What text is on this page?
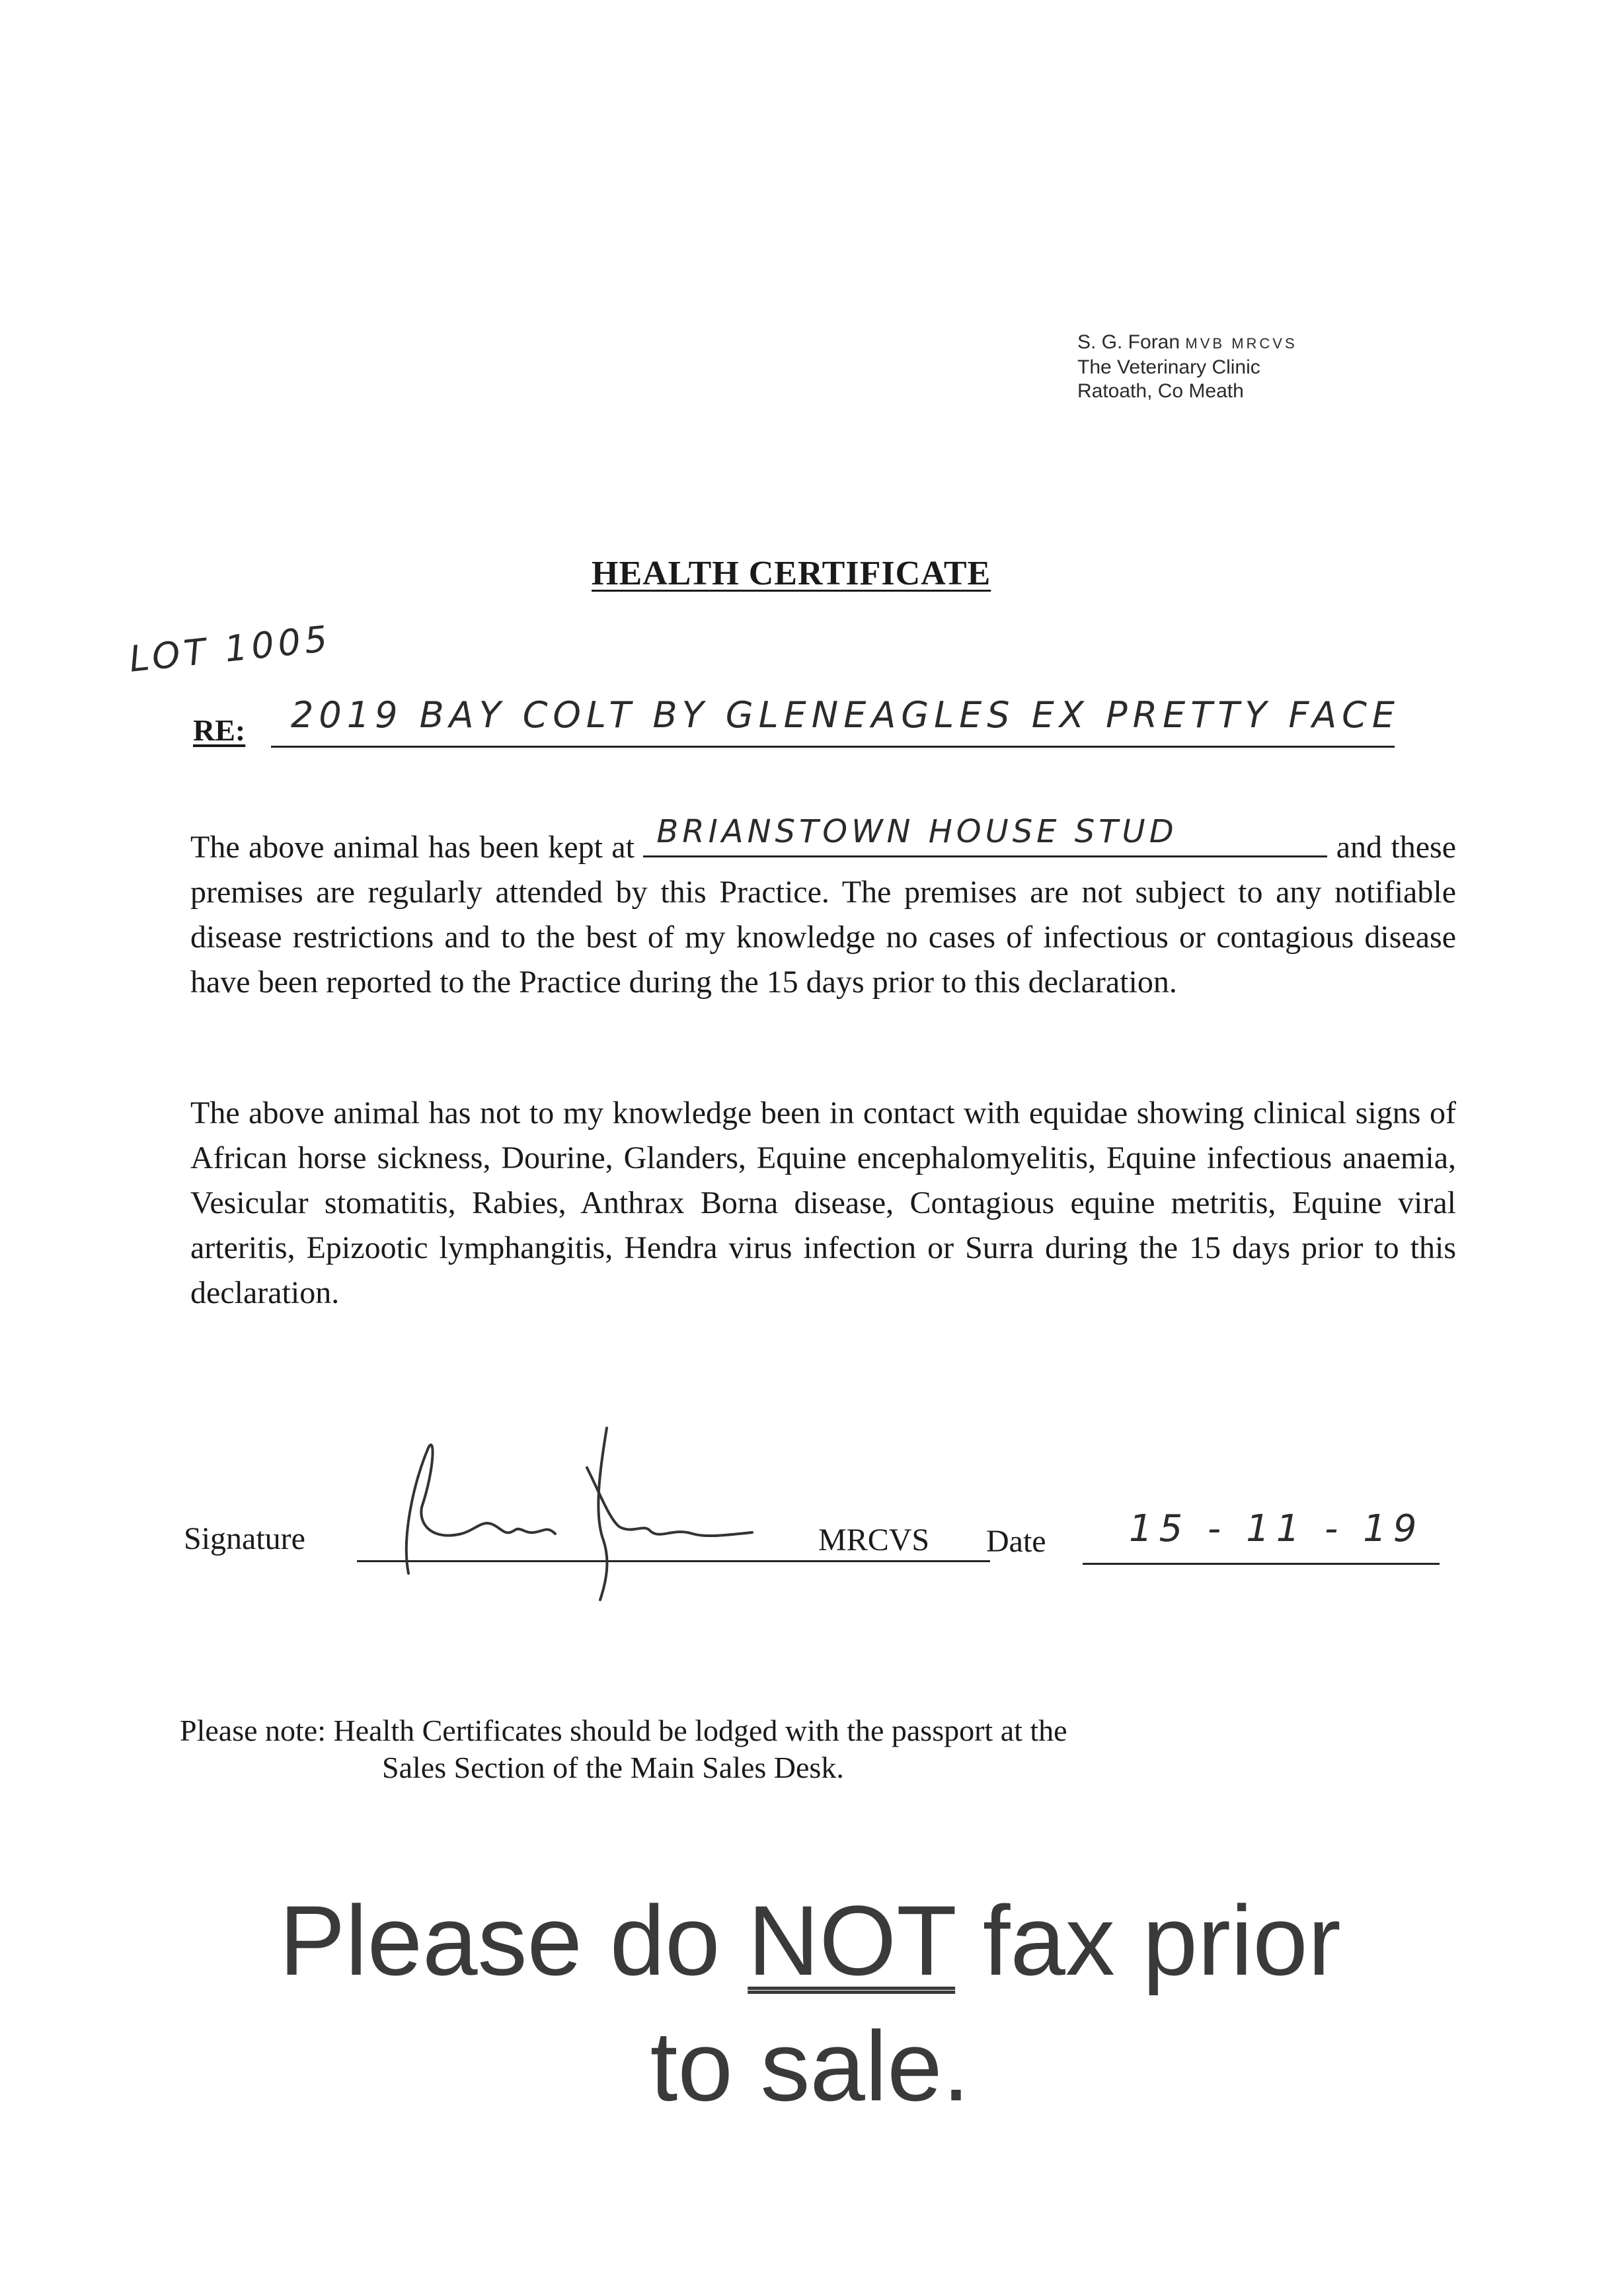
S. G. Foran MVB MRCVS
The Veterinary Clinic
Ratoath, Co Meath
HEALTH CERTIFICATE
LOT 1005
RE: 2019 BAY COLT BY GLENEAGLES EX PRETTY FACE
The above animal has been kept at BRIANSTOWN HOUSE STUD	and these premises are regularly attended by this Practice. The premises are not subject to any notifiable disease restrictions and to the best of my knowledge no cases of infectious or contagious disease have been reported to the Practice during the 15 days prior to this declaration.
The above animal has not to my knowledge been in contact with equidae showing clinical signs of African horse sickness, Dourine, Glanders, Equine encephalomyelitis, Equine infectious anaemia, Vesicular stomatitis, Rabies, Anthrax Borna disease, Contagious equine metritis, Equine viral arteritis, Epizootic lymphangitis, Hendra virus infection or Surra during the 15 days prior to this declaration.
Signature	MRCVS Date 15 - 11 - 19
Please note: Health Certificates should be lodged with the passport at the
Sales Section of the Main Sales Desk.
Please do NOT fax prior
to sale.
